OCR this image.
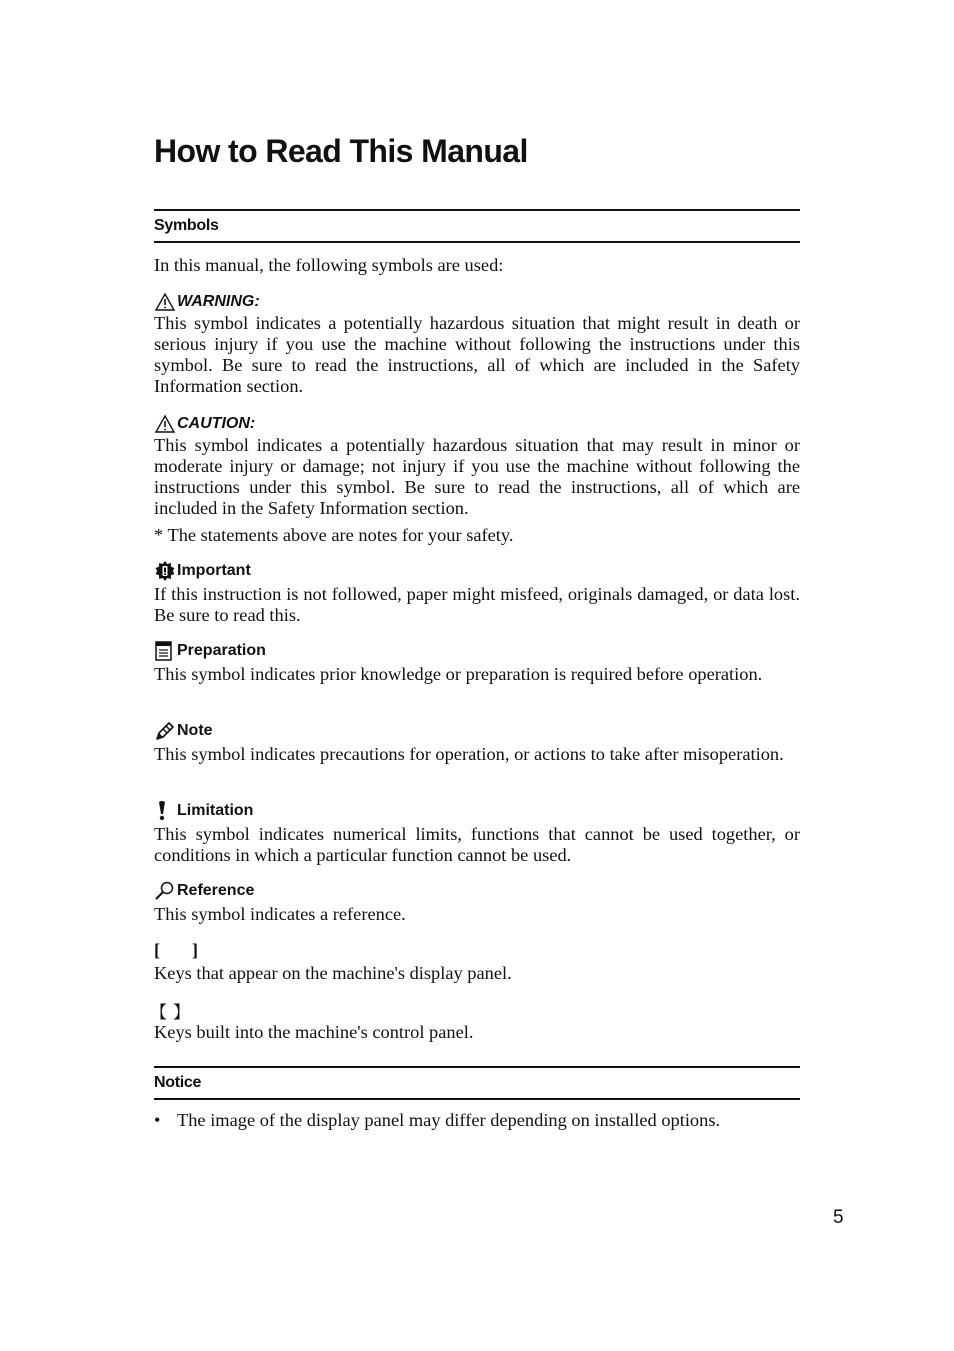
How to Read This Manual
Symbols

In this manual, the following symbols are used:

WARNING:

This symbol indicates a potentially hazardous situation that might result in death or serious injury if you use the machine without following the instructions under this symbol. Be sure to read the instructions, all of which are included in the Safety Information section.

CAUTION:

This symbol indicates a potentially hazardous situation that may result in minor or moderate injury or damage; not injury if you use the machine without following the instructions under this symbol. Be sure to read the instructions, all of which are included in the Safety Information section.

* The statements above are notes for your safety.

Important

If this instruction is not followed, paper might misfeed, originals damaged, or data lost. Be sure to read this.

Preparation

This symbol indicates prior knowledge or preparation is required before operation.

Note

This symbol indicates precautions for operation, or actions to take after misoperation.

Limitation

This symbol indicates numerical limits, functions that cannot be used together, or conditions in which a particular function cannot be used.

Reference

This symbol indicates a reference.

[ ]

Keys that appear on the machine's display panel.

【 】

Keys built into the machine's control panel.

Notice
• The image of the display panel may differ depending on installed options.
5
